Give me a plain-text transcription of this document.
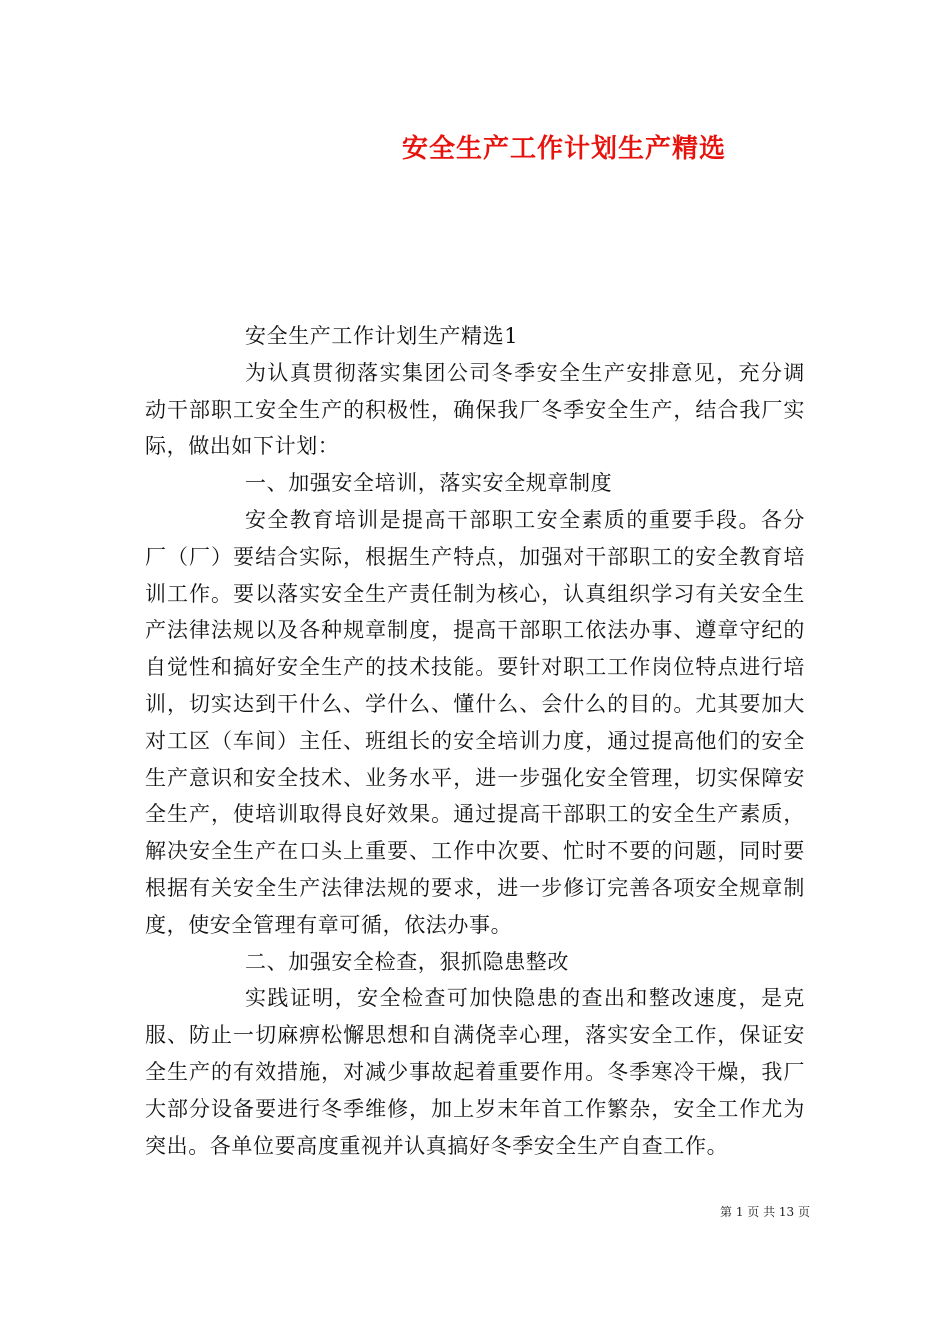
安全生产工作计划生产精选

安全生产工作计划生产精选1

为认真贯彻落实集团公司冬季安全生产安排意见，充分调动干部职工安全生产的积极性，确保我厂冬季安全生产，结合我厂实际，做出如下计划：

一、加强安全培训，落实安全规章制度

安全教育培训是提高干部职工安全素质的重要手段。各分厂（厂）要结合实际，根据生产特点，加强对干部职工的安全教育培训工作。要以落实安全生产责任制为核心，认真组织学习有关安全生产法律法规以及各种规章制度，提高干部职工依法办事、遵章守纪的自觉性和搞好安全生产的技术技能。要针对职工工作岗位特点进行培训，切实达到干什么、学什么、懂什么、会什么的目的。尤其要加大对工区（车间）主任、班组长的安全培训力度，通过提高他们的安全生产意识和安全技术、业务水平，进一步强化安全管理，切实保障安全生产，使培训取得良好效果。通过提高干部职工的安全生产素质，解决安全生产在口头上重要、工作中次要、忙时不要的问题，同时要根据有关安全生产法律法规的要求，进一步修订完善各项安全规章制度，使安全管理有章可循，依法办事。

二、加强安全检查，狠抓隐患整改

实践证明，安全检查可加快隐患的查出和整改速度，是克服、防止一切麻痹松懈思想和自满侥幸心理，落实安全工作，保证安全生产的有效措施，对减少事故起着重要作用。冬季寒冷干燥，我厂大部分设备要进行冬季维修，加上岁末年首工作繁杂，安全工作尤为突出。各单位要高度重视并认真搞好冬季安全生产自查工作。

第 1 页 共 13 页
